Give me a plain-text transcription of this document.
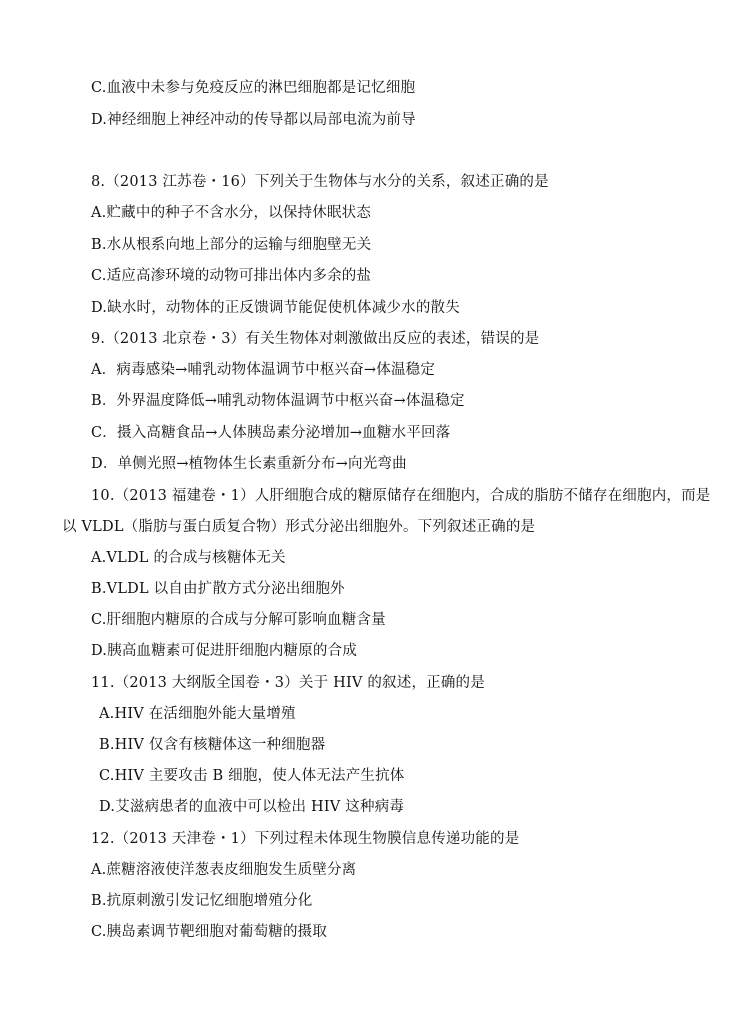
C.血液中未参与免疫反应的淋巴细胞都是记忆细胞
D.神经细胞上神经冲动的传导都以局部电流为前导
8.（2013 江苏卷・16）下列关于生物体与水分的关系，叙述正确的是
A.贮藏中的种子不含水分，以保持休眠状态
B.水从根系向地上部分的运输与细胞壁无关
C.适应高渗环境的动物可排出体内多余的盐
D.缺水时，动物体的正反馈调节能促使机体减少水的散失
9.（2013 北京卷・3）有关生物体对刺激做出反应的表述，错误的是
A．病毒感染→哺乳动物体温调节中枢兴奋→体温稳定
B．外界温度降低→哺乳动物体温调节中枢兴奋→体温稳定
C．摄入高糖食品→人体胰岛素分泌增加→血糖水平回落
D．单侧光照→植物体生长素重新分布→向光弯曲
10.（2013 福建卷・1）人肝细胞合成的糖原储存在细胞内，合成的脂肪不储存在细胞内，而是
以 VLDL（脂肪与蛋白质复合物）形式分泌出细胞外。下列叙述正确的是
A.VLDL 的合成与核糖体无关
B.VLDL 以自由扩散方式分泌出细胞外
C.肝细胞内糖原的合成与分解可影响血糖含量
D.胰高血糖素可促进肝细胞内糖原的合成
11.（2013 大纲版全国卷・3）关于 HIV 的叙述，正确的是
A.HIV 在活细胞外能大量增殖
B.HIV 仅含有核糖体这一种细胞器
C.HIV 主要攻击 B 细胞，使人体无法产生抗体
D.艾滋病患者的血液中可以检出 HIV 这种病毒
12.（2013 天津卷・1）下列过程未体现生物膜信息传递功能的是
A.蔗糖溶液使洋葱表皮细胞发生质壁分离
B.抗原刺激引发记忆细胞增殖分化
C.胰岛素调节靶细胞对葡萄糖的摄取
